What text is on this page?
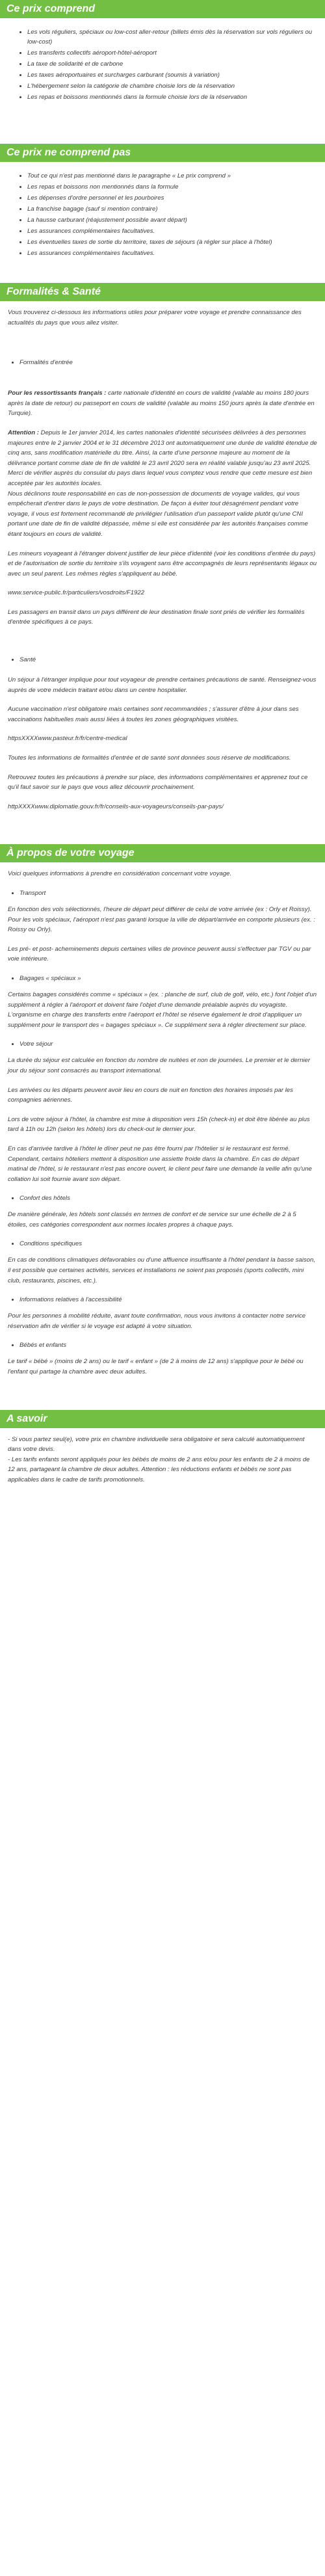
Ce prix comprend
• Les vols réguliers, spéciaux ou low-cost aller-retour (billets émis dès la réservation sur vols réguliers ou low-cost)
• Les transferts collectifs aéroport-hôtel-aéroport
• La taxe de solidarité et de carbone
• Les taxes aéroportuaires et surcharges carburant (soumis à variation)
• L'hébergement selon la catégorie de chambre choisie lors de la réservation
• Les repas et boissons mentionnés dans la formule choisie lors de la réservation
Ce prix ne comprend pas
• Tout ce qui n'est pas mentionné dans le paragraphe « Le prix comprend »
• Les repas et boissons non mentionnés dans la formule
• Les dépenses d'ordre personnel et les pourboires
• La franchise bagage (sauf si mention contraire)
• La hausse carburant (réajustement possible avant départ)
• Les assurances complémentaires facultatives.
• Les éventuelles taxes de sortie du territoire, taxes de séjours (à régler sur place à l'hôtel)
• Les assurances complémentaires facultatives.
Formalités & Santé

Vous trouverez ci-dessous les informations utiles pour préparer votre voyage et prendre connaissance des actualités du pays que vous allez visiter.

• Formalités d'entrée

Pour les ressortissants français : carte nationale d'identité en cours de validité (valable au moins 180 jours après la date de retour) ou passeport en cours de validité (valable au moins 150 jours après la date d'entrée en Turquie).

Attention : Depuis le 1er janvier 2014, les cartes nationales d'identité sécurisées délivrées à des personnes majeures entre le 2 janvier 2004 et le 31 décembre 2013 ont automatiquement une durée de validité étendue de cinq ans, sans modification matérielle du titre. Ainsi, la carte d'une personne majeure au moment de la délivrance portant comme date de fin de validité le 23 avril 2020 sera en réalité valable jusqu'au 23 avril 2025.

Merci de vérifier auprès du consulat du pays dans lequel vous comptez vous rendre que cette mesure est bien acceptée par les autorités locales.

Nous déclinons toute responsabilité en cas de non-possession de documents de voyage valides, qui vous empêcherait d'entrer dans le pays de votre destination. De façon à éviter tout désagrément pendant votre voyage, il vous est fortement recommandé de privilégier l'utilisation d'un passeport valide plutôt qu'une CNI portant une date de fin de validité dépassée, même si elle est considérée par les autorités françaises comme étant toujours en cours de validité.

Les mineurs voyageant à l'étranger doivent justifier de leur pièce d'identité (voir les conditions d'entrée du pays) et de l'autorisation de sortie du territoire s'ils voyagent sans être accompagnés de leurs représentants légaux ou avec un seul parent. Les mêmes règles s'appliquent au bébé.

www.service-public.fr/particuliers/vosdroits/F1922

Les passagers en transit dans un pays différent de leur destination finale sont priés de vérifier les formalités d'entrée spécifiques à ce pays.

• Santé

Un séjour à l'étranger implique pour tout voyageur de prendre certaines précautions de santé. Renseignez-vous auprès de votre médecin traitant et/ou dans un centre hospitalier.

Aucune vaccination n'est obligatoire mais certaines sont recommandées ; s'assurer d'être à jour dans ses vaccinations habituelles mais aussi liées à toutes les zones géographiques visitées.

httpsXXXXwww.pasteur.fr/fr/centre-medical

Toutes les informations de formalités d'entrée et de santé sont données sous réserve de modifications.

Retrouvez toutes les précautions à prendre sur place, des informations complémentaires et apprenez tout ce qu'il faut savoir sur le pays que vous allez découvrir prochainement.

httpXXXXwww.diplomatie.gouv.fr/fr/conseils-aux-voyageurs/conseils-par-pays/

À propos de votre voyage

Voici quelques informations à prendre en considération concernant votre voyage.

• Transport

En fonction des vols sélectionnés, l'heure de départ peut différer de celui de votre arrivée (ex : Orly et Roissy). Pour les vols spéciaux, l'aéroport n'est pas garanti lorsque la ville de départ/arrivée en comporte plusieurs (ex. : Roissy ou Orly).

Les pré- et post- acheminements depuis certaines villes de province peuvent aussi s'effectuer par TGV ou par voie intérieure.

• Bagages « spéciaux »

Certains bagages considérés comme « spéciaux » (ex. : planche de surf, club de golf, vélo, etc.) font l'objet d'un supplément à régler à l'aéroport et doivent faire l'objet d'une demande préalable auprès du voyagiste. L'organisme en charge des transferts entre l'aéroport et l'hôtel se réserve également le droit d'appliquer un supplément pour le transport des « bagages spéciaux ». Ce supplément sera à régler directement sur place.

• Votre séjour

La durée du séjour est calculée en fonction du nombre de nuitées et non de journées. Le premier et le dernier jour du séjour sont consacrés au transport international.

Les arrivées ou les départs peuvent avoir lieu en cours de nuit en fonction des horaires imposés par les compagnies aériennes.

Lors de votre séjour à l'hôtel, la chambre est mise à disposition vers 15h (check-in) et doit être libérée au plus tard à 11h ou 12h (selon les hôtels) lors du check-out le dernier jour.

En cas d'arrivée tardive à l'hôtel le dîner peut ne pas être fourni par l'hôtelier si le restaurant est fermé. Cependant, certains hôteliers mettent à disposition une assiette froide dans la chambre. En cas de départ matinal de l'hôtel, si le restaurant n'est pas encore ouvert, le client peut faire une demande la veille afin qu'une collation lui soit fournie avant son départ.

• Confort des hôtels

De manière générale, les hôtels sont classés en termes de confort et de service sur une échelle de 2 à 5 étoiles, ces catégories correspondent aux normes locales propres à chaque pays.

• Conditions spécifiques

En cas de conditions climatiques défavorables ou d'une affluence insuffisante à l'hôtel pendant la basse saison, il est possible que certaines activités, services et installations ne soient pas proposés (sports collectifs, mini club, restaurants, piscines, etc.).

• Informations relatives à l'accessibilité

Pour les personnes à mobilité réduite, avant toute confirmation, nous vous invitons à contacter notre service réservation afin de vérifier si le voyage est adapté à votre situation.

• Bébés et enfants

Le tarif « bébé » (moins de 2 ans) ou le tarif « enfant » (de 2 à moins de 12 ans) s'applique pour le bébé ou l'enfant qui partage la chambre avec deux adultes.

A savoir

- Si vous partez seul(e), votre prix en chambre individuelle sera obligatoire et sera calculé automatiquement dans votre devis.

- Les tarifs enfants seront appliqués pour les bébés de moins de 2 ans et/ou pour les enfants de 2 à moins de 12 ans, partageant la chambre de deux adultes. Attention : les réductions enfants et bébés ne sont pas applicables dans le cadre de tarifs promotionnels.
